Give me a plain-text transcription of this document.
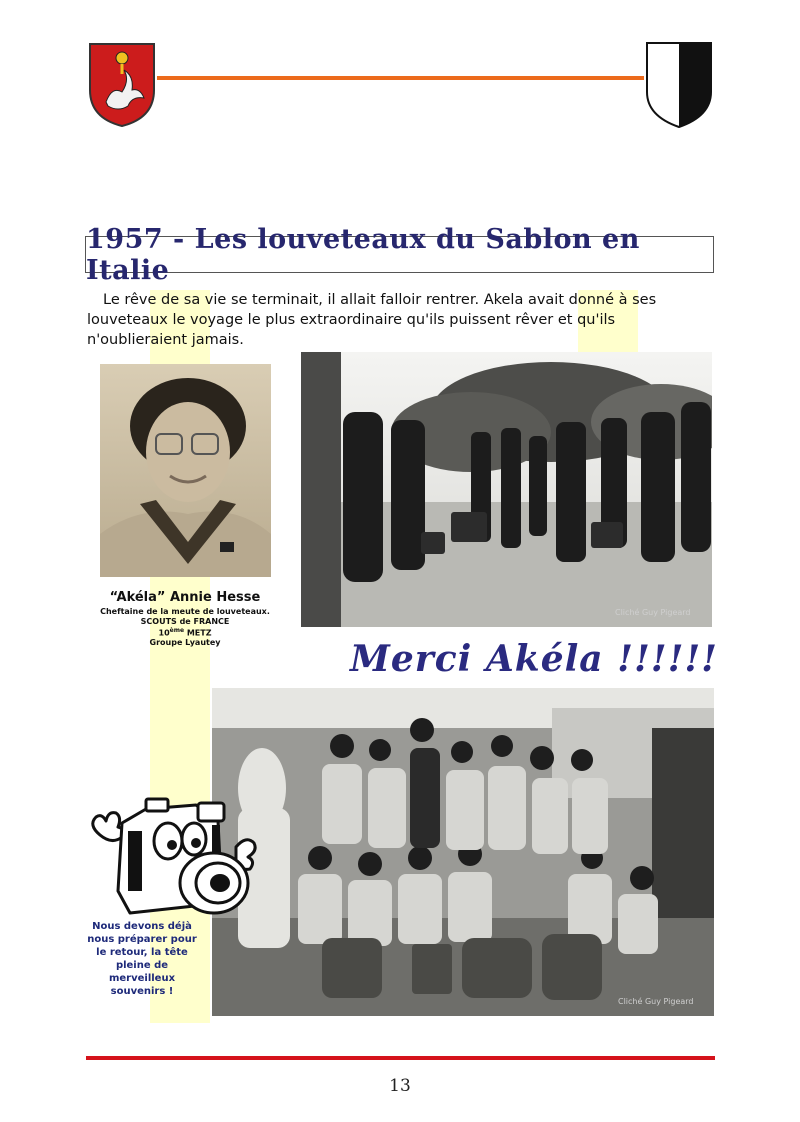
1957 - Les louveteaux du Sablon en Italie
Le rêve de sa vie se terminait, il allait falloir rentrer. Akela avait donné à ses louveteaux le voyage le plus extraordinaire qu'ils puissent rêver et qu'ils n'oublieraient jamais.
“Akéla” Annie Hesse
Cheftaine de la meute de louveteaux.
SCOUTS de FRANCE
10ème METZ
Groupe Lyautey
Cliché Guy Pigeard
Merci Akéla !!!!!!
Cliché Guy Pigeard
Nous devons déjà nous préparer pour le retour, la tête pleine de merveilleux souvenirs !
13
